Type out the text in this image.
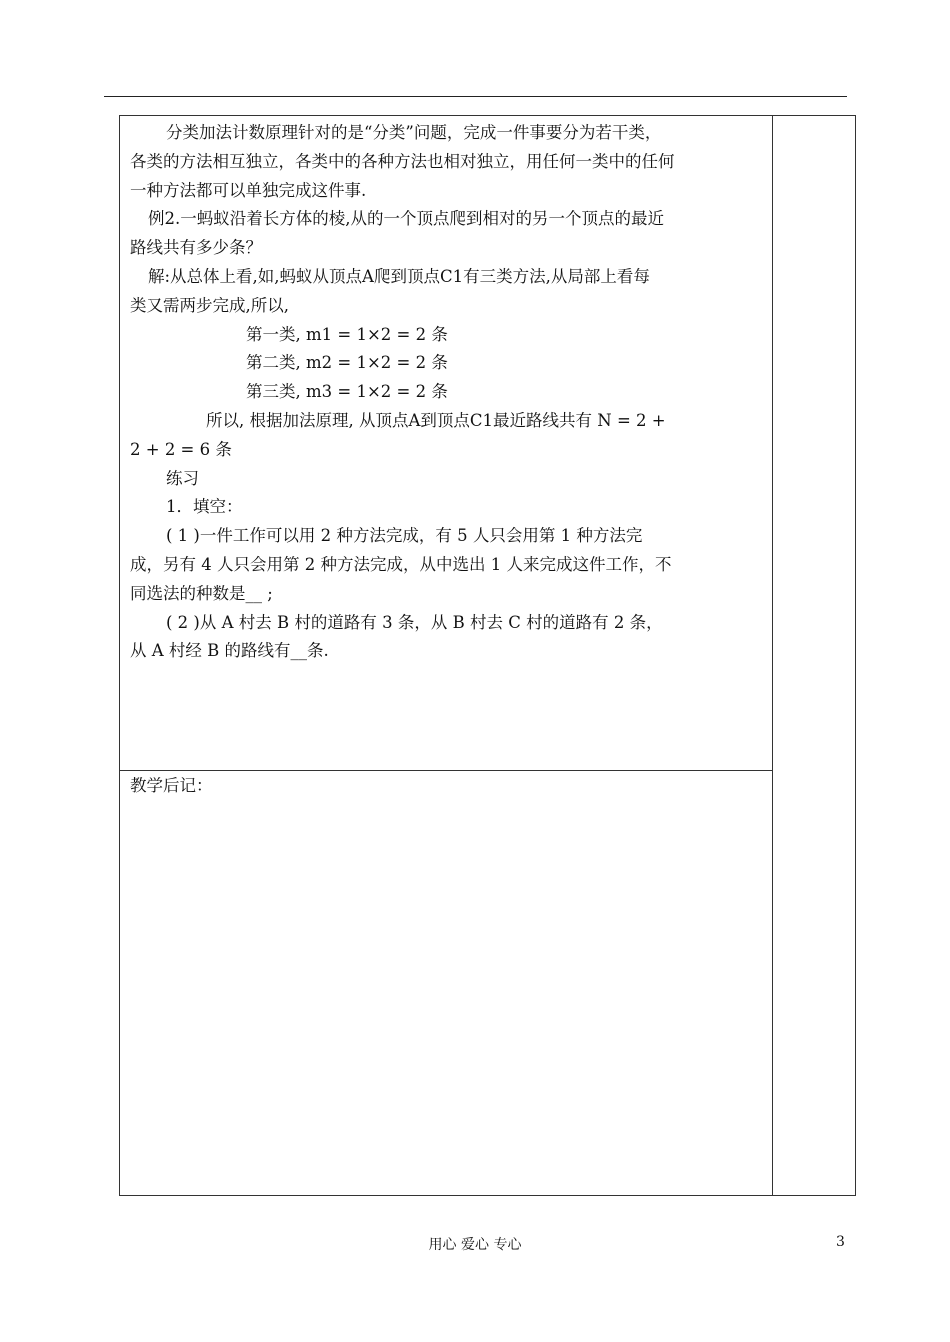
分类加法计数原理针对的是“分类”问题，完成一件事要分为若干类，
各类的方法相互独立，各类中的各种方法也相对独立，用任何一类中的任何
一种方法都可以单独完成这件事.
例2.一蚂蚁沿着长方体的棱,从的一个顶点爬到相对的另一个顶点的最近
路线共有多少条？
解:从总体上看,如,蚂蚁从顶点A爬到顶点C1有三类方法,从局部上看每
类又需两步完成,所以,
第一类, m1 = 1×2 = 2 条
第二类, m2 = 1×2 = 2 条
第三类, m3 = 1×2 = 2 条
所以, 根据加法原理, 从顶点A到顶点C1最近路线共有 N = 2 +
2 + 2 = 6 条
练习
1．填空：
( 1 )一件工作可以用 2 种方法完成，有 5 人只会用第 1 种方法完
成，另有 4 人只会用第 2 种方法完成，从中选出 1 人来完成这件工作，不
同选法的种数是__ ;
( 2 )从 A 村去 B 村的道路有 3 条，从 B 村去 C 村的道路有 2 条，
从 A 村经 B 的路线有__条.
教学后记：
用心 爱心 专心	3
